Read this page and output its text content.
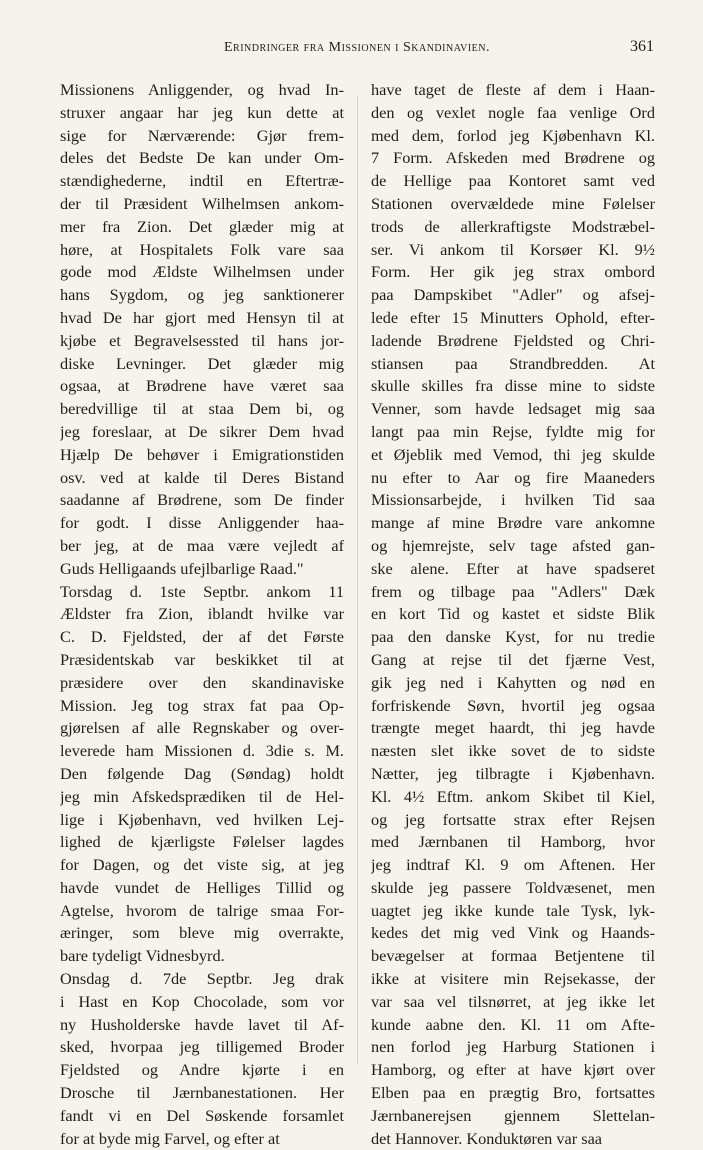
Erindringer fra Missionen i Skandinavien.	361
Missionens Anliggender, og hvad In-
struxer angaar har jeg kun dette at
sige for Nærværende: Gjør frem-
deles det Bedste De kan under Om-
stændighederne, indtil en Eftertræ-
der til Præsident Wilhelmsen ankom-
mer fra Zion. Det glæder mig at
høre, at Hospitalets Folk vare saa
gode mod Ældste Wilhelmsen under
hans Sygdom, og jeg sanktionerer
hvad De har gjort med Hensyn til at
kjøbe et Begravelsessted til hans jor-
diske Levninger. Det glæder mig
ogsaa, at Brødrene have været saa
beredvillige til at staa Dem bi, og
jeg foreslaar, at De sikrer Dem hvad
Hjælp De behøver i Emigrationstiden
osv. ved at kalde til Deres Bistand
saadanne af Brødrene, som De finder
for godt. I disse Anliggender haa-
ber jeg, at de maa være vejledt af
Guds Helligaands ufejlbarlige Raad."
Torsdag d. 1ste Septbr. ankom 11
Ældster fra Zion, iblandt hvilke var
C. D. Fjeldsted, der af det Første
Præsidentskab var beskikket til at
præsidere over den skandinaviske
Mission. Jeg tog strax fat paa Op-
gjørelsen af alle Regnskaber og over-
leverede ham Missionen d. 3die s. M.
Den følgende Dag (Søndag) holdt
jeg min Afskedsprædiken til de Hel-
lige i Kjøbenhavn, ved hvilken Lej-
lighed de kjærligste Følelser lagdes
for Dagen, og det viste sig, at jeg
havde vundet de Helliges Tillid og
Agtelse, hvorom de talrige smaa For-
æringer, som bleve mig overrakte,
bare tydeligt Vidnesbyrd.
Onsdag d. 7de Septbr. Jeg drak
i Hast en Kop Chocolade, som vor
ny Husholderske havde lavet til Af-
sked, hvorpaa jeg tilligemed Broder
Fjeldsted og Andre kjørte i en
Drosche til Jærnbanestationen. Her
fandt vi en Del Søskende forsamlet
for at byde mig Farvel, og efter at
have taget de fleste af dem i Haan-
den og vexlet nogle faa venlige Ord
med dem, forlod jeg Kjøbenhavn Kl.
7 Form. Afskeden med Brødrene og
de Hellige paa Kontoret samt ved
Stationen overvældede mine Følelser
trods de allerkraftigste Modstræbel-
ser. Vi ankom til Korsøer Kl. 9½
Form. Her gik jeg strax ombord
paa Dampskibet "Adler" og afsej-
lede efter 15 Minutters Ophold, efter-
ladende Brødrene Fjeldsted og Chri-
stiansen paa Strandbredden. At
skulle skilles fra disse mine to sidste
Venner, som havde ledsaget mig saa
langt paa min Rejse, fyldte mig for
et Øjeblik med Vemod, thi jeg skulde
nu efter to Aar og fire Maaneders
Missionsarbejde, i hvilken Tid saa
mange af mine Brødre vare ankomne
og hjemrejste, selv tage afsted gan-
ske alene. Efter at have spadseret
frem og tilbage paa "Adlers" Dæk
en kort Tid og kastet et sidste Blik
paa den danske Kyst, for nu tredie
Gang at rejse til det fjærne Vest,
gik jeg ned i Kahytten og nød en
forfriskende Søvn, hvortil jeg ogsaa
trængte meget haardt, thi jeg havde
næsten slet ikke sovet de to sidste
Nætter, jeg tilbragte i Kjøbenhavn.
Kl. 4½ Eftm. ankom Skibet til Kiel,
og jeg fortsatte strax efter Rejsen
med Jærnbanen til Hamborg, hvor
jeg indtraf Kl. 9 om Aftenen. Her
skulde jeg passere Toldvæsenet, men
uagtet jeg ikke kunde tale Tysk, lyk-
kedes det mig ved Vink og Haands-
bevægelser at formaa Betjentene til
ikke at visitere min Rejsekasse, der
var saa vel tilsnørret, at jeg ikke let
kunde aabne den. Kl. 11 om Afte-
nen forlod jeg Harburg Stationen i
Hamborg, og efter at have kjørt over
Elben paa en prægtig Bro, fortsattes
Jærnbanerejsen gjennem Slettelan-
det Hannover. Konduktøren var saa
